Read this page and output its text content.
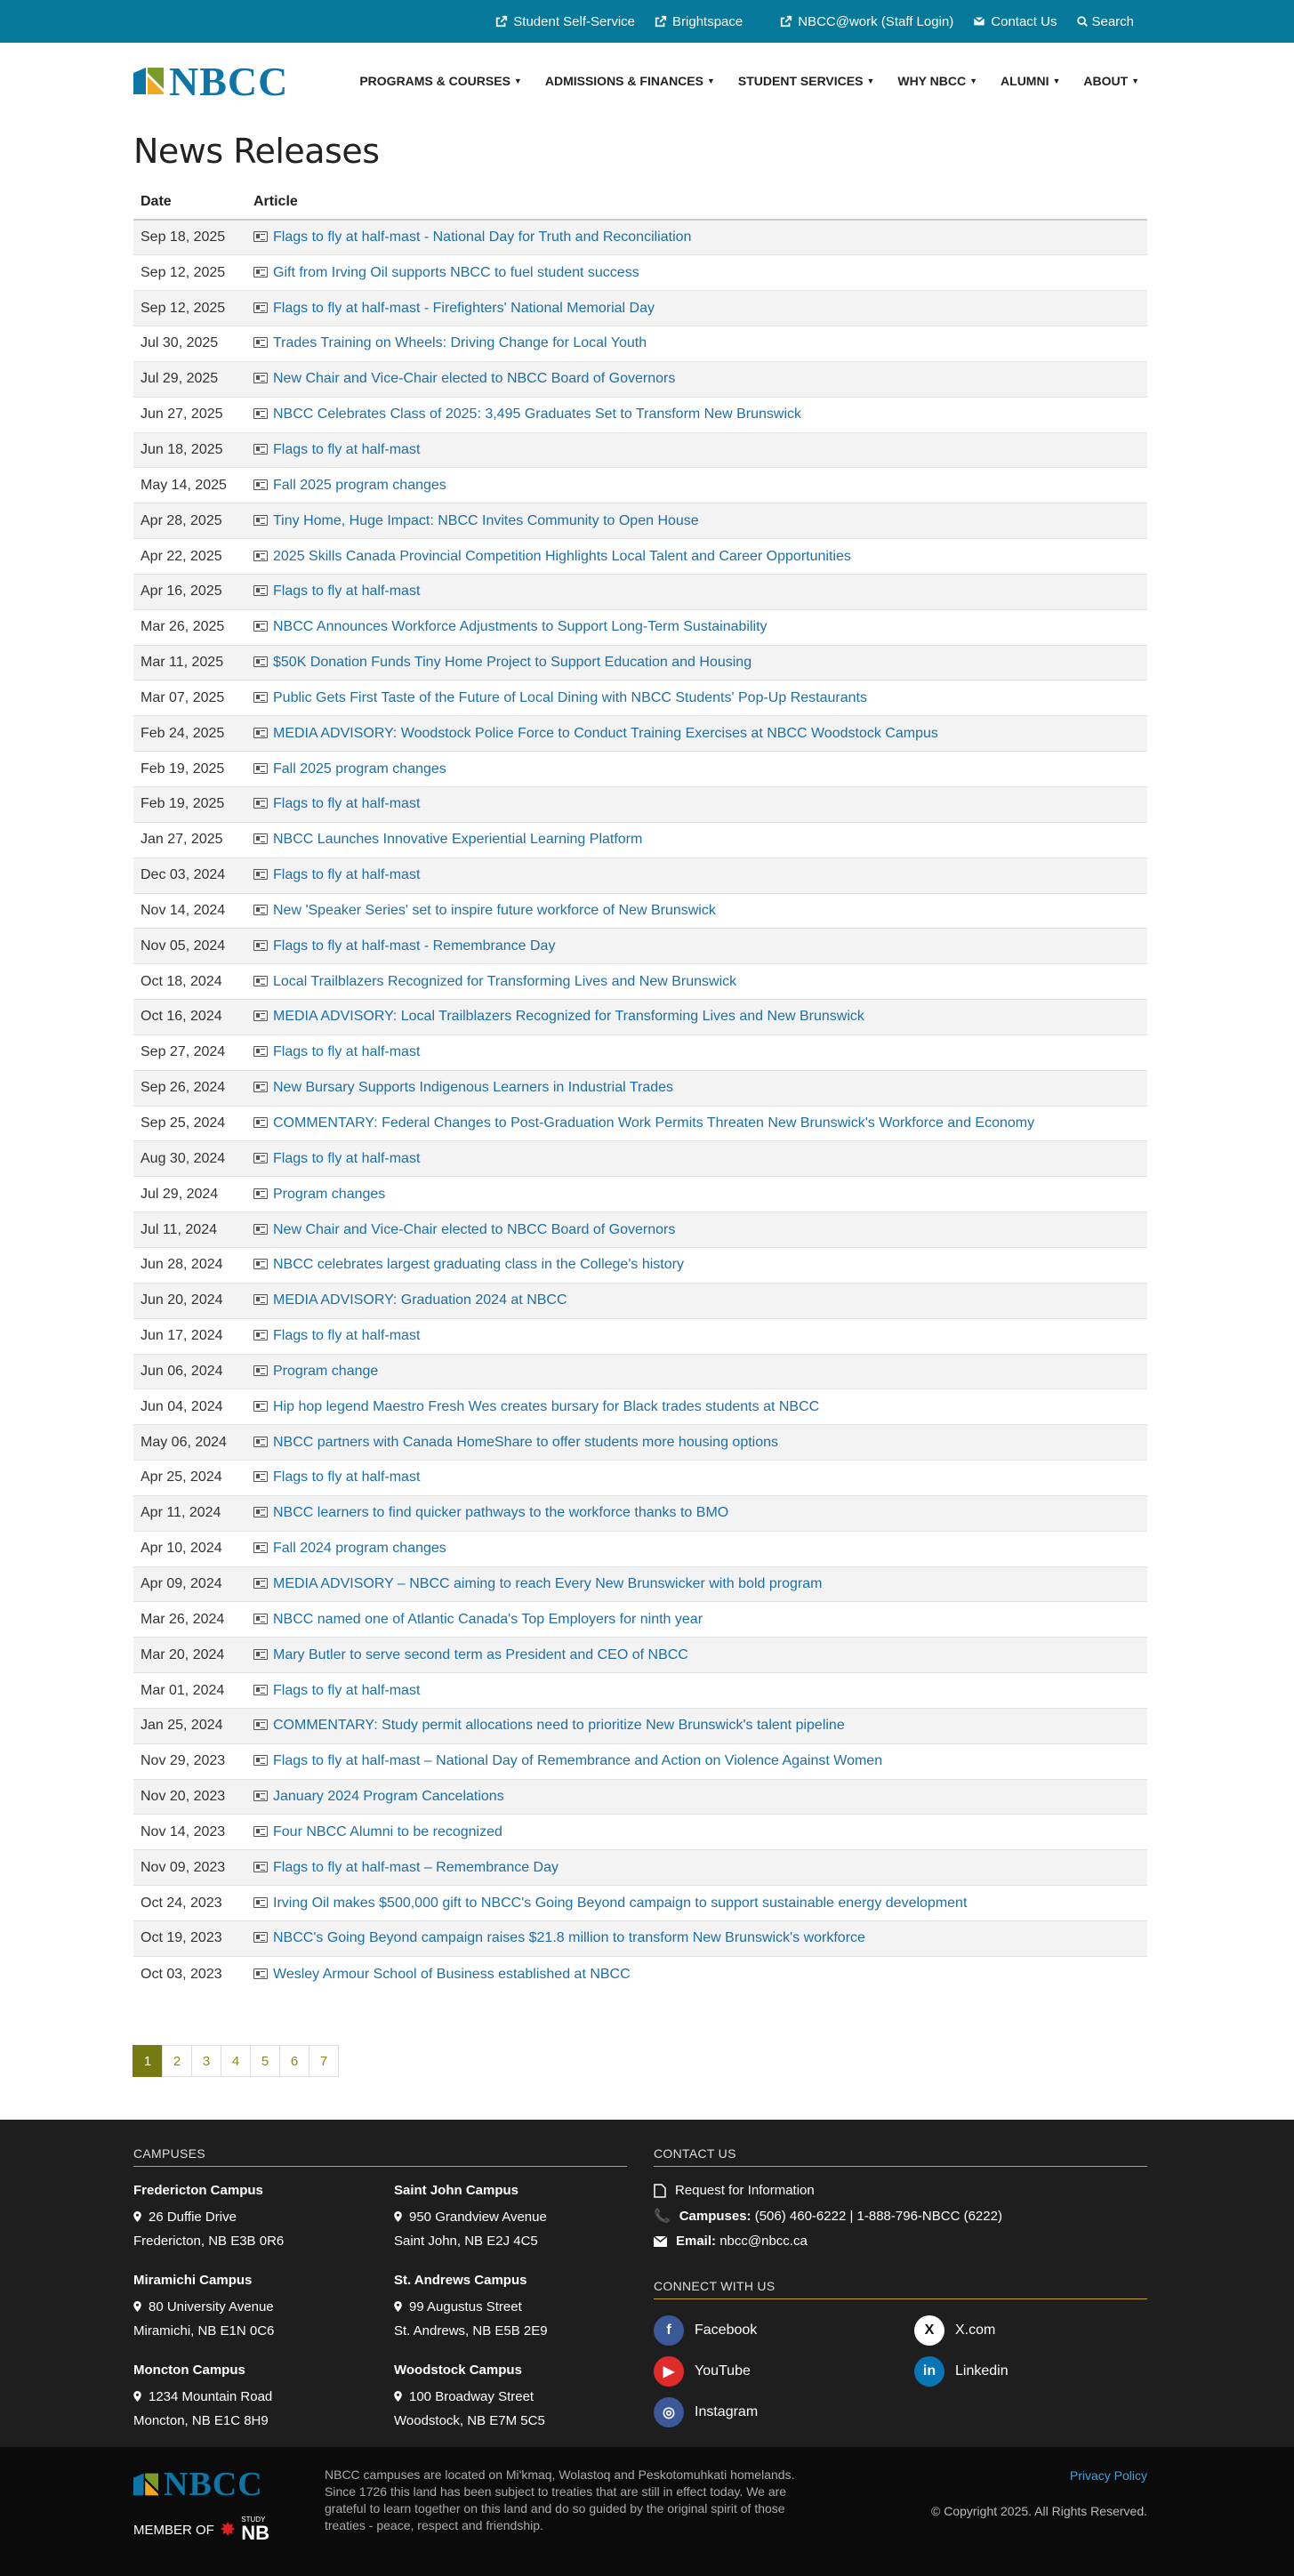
Student Self-Service	Brightspace	NBCC@work (Staff Login)	Contact Us	Search
NBCC	PROGRAMS & COURSES ▼ ADMISSIONS & FINANCES ▼ STUDENT SERVICES ▼ WHY NBCC ▼ ALUMNI ▼ ABOUT ▼
News Releases
Date	Article
Sep 18, 2025	Flags to fly at half-mast - National Day for Truth and Reconciliation
Sep 12, 2025	Gift from Irving Oil supports NBCC to fuel student success
Sep 12, 2025	Flags to fly at half-mast - Firefighters' National Memorial Day
Jul 30, 2025	Trades Training on Wheels: Driving Change for Local Youth
Jul 29, 2025	New Chair and Vice-Chair elected to NBCC Board of Governors
Jun 27, 2025	NBCC Celebrates Class of 2025: 3,495 Graduates Set to Transform New Brunswick
Jun 18, 2025	Flags to fly at half-mast
May 14, 2025	Fall 2025 program changes
Apr 28, 2025	Tiny Home, Huge Impact: NBCC Invites Community to Open House
Apr 22, 2025	2025 Skills Canada Provincial Competition Highlights Local Talent and Career Opportunities
Apr 16, 2025	Flags to fly at half-mast
Mar 26, 2025	NBCC Announces Workforce Adjustments to Support Long-Term Sustainability
Mar 11, 2025	$50K Donation Funds Tiny Home Project to Support Education and Housing
Mar 07, 2025	Public Gets First Taste of the Future of Local Dining with NBCC Students' Pop-Up Restaurants
Feb 24, 2025	MEDIA ADVISORY: Woodstock Police Force to Conduct Training Exercises at NBCC Woodstock Campus
Feb 19, 2025	Fall 2025 program changes
Feb 19, 2025	Flags to fly at half-mast
Jan 27, 2025	NBCC Launches Innovative Experiential Learning Platform
Dec 03, 2024	Flags to fly at half-mast
Nov 14, 2024	New 'Speaker Series' set to inspire future workforce of New Brunswick
Nov 05, 2024	Flags to fly at half-mast - Remembrance Day
Oct 18, 2024	Local Trailblazers Recognized for Transforming Lives and New Brunswick
Oct 16, 2024	MEDIA ADVISORY: Local Trailblazers Recognized for Transforming Lives and New Brunswick
Sep 27, 2024	Flags to fly at half-mast
Sep 26, 2024	New Bursary Supports Indigenous Learners in Industrial Trades
Sep 25, 2024	COMMENTARY: Federal Changes to Post-Graduation Work Permits Threaten New Brunswick's Workforce and Economy
Aug 30, 2024	Flags to fly at half-mast
Jul 29, 2024	Program changes
Jul 11, 2024	New Chair and Vice-Chair elected to NBCC Board of Governors
Jun 28, 2024	NBCC celebrates largest graduating class in the College's history
Jun 20, 2024	MEDIA ADVISORY: Graduation 2024 at NBCC
Jun 17, 2024	Flags to fly at half-mast
Jun 06, 2024	Program change
Jun 04, 2024	Hip hop legend Maestro Fresh Wes creates bursary for Black trades students at NBCC
May 06, 2024	NBCC partners with Canada HomeShare to offer students more housing options
Apr 25, 2024	Flags to fly at half-mast
Apr 11, 2024	NBCC learners to find quicker pathways to the workforce thanks to BMO
Apr 10, 2024	Fall 2024 program changes
Apr 09, 2024	MEDIA ADVISORY – NBCC aiming to reach Every New Brunswicker with bold program
Mar 26, 2024	NBCC named one of Atlantic Canada's Top Employers for ninth year
Mar 20, 2024	Mary Butler to serve second term as President and CEO of NBCC
Mar 01, 2024	Flags to fly at half-mast
Jan 25, 2024	COMMENTARY: Study permit allocations need to prioritize New Brunswick's talent pipeline
Nov 29, 2023	Flags to fly at half-mast – National Day of Remembrance and Action on Violence Against Women
Nov 20, 2023	January 2024 Program Cancelations
Nov 14, 2023	Four NBCC Alumni to be recognized
Nov 09, 2023	Flags to fly at half-mast – Remembrance Day
Oct 24, 2023	Irving Oil makes $500,000 gift to NBCC's Going Beyond campaign to support sustainable energy development
Oct 19, 2023	NBCC's Going Beyond campaign raises $21.8 million to transform New Brunswick's workforce
Oct 03, 2023	Wesley Armour School of Business established at NBCC
1	2	3	4	5	6	7
CAMPUSES
Fredericton Campus
26 Duffie Drive
Fredericton, NB E3B 0R6
Saint John Campus
950 Grandview Avenue
Saint John, NB E2J 4C5
Miramichi Campus
80 University Avenue
Miramichi, NB E1N 0C6
St. Andrews Campus
99 Augustus Street
St. Andrews, NB E5B 2E9
Moncton Campus
1234 Mountain Road
Moncton, NB E1C 8H9
Woodstock Campus
100 Broadway Street
Woodstock, NB E7M 5C5
CONTACT US
Request for Information
📞 Campuses: (506) 460-6222 | 1-888-796-NBCC (6222)
Email: nbcc@nbcc.ca
CONNECT WITH US
f	Facebook	X	X.com
▶	YouTube	in	Linkedin
◎	Instagram
NBCC
MEMBER OF ✸ STUDY
NB
NBCC campuses are located on Mi'kmaq, Wolastoq and Peskotomuhkati homelands. Since 1726 this land has been subject to treaties that are still in effect today. We are grateful to learn together on this land and do so guided by the original spirit of those treaties - peace, respect and friendship.
Privacy Policy
© Copyright 2025. All Rights Reserved.
